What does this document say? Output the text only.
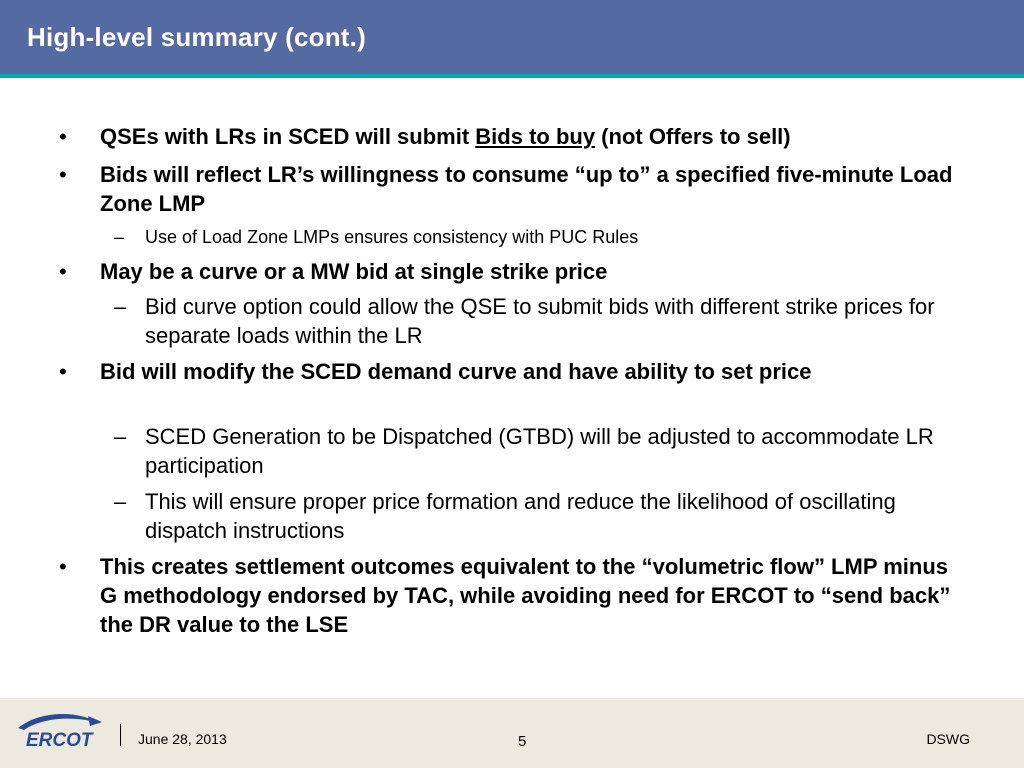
High-level summary (cont.)
• QSEs with LRs in SCED will submit Bids to buy (not Offers to sell)
• Bids will reflect LR’s willingness to consume “up to” a specified five-minute Load Zone LMP
– Use of Load Zone LMPs ensures consistency with PUC Rules
• May be a curve or a MW bid at single strike price
– Bid curve option could allow the QSE to submit bids with different strike prices for separate loads within the LR
• Bid will modify the SCED demand curve and have ability to set price
– SCED Generation to be Dispatched (GTBD) will be adjusted to accommodate LR participation
– This will ensure proper price formation and reduce the likelihood of oscillating dispatch instructions
• This creates settlement outcomes equivalent to the “volumetric flow” LMP minus G methodology endorsed by TAC, while avoiding need for ERCOT to “send back” the DR value to the LSE
ERCOT	June 28, 2013	5	DSWG
